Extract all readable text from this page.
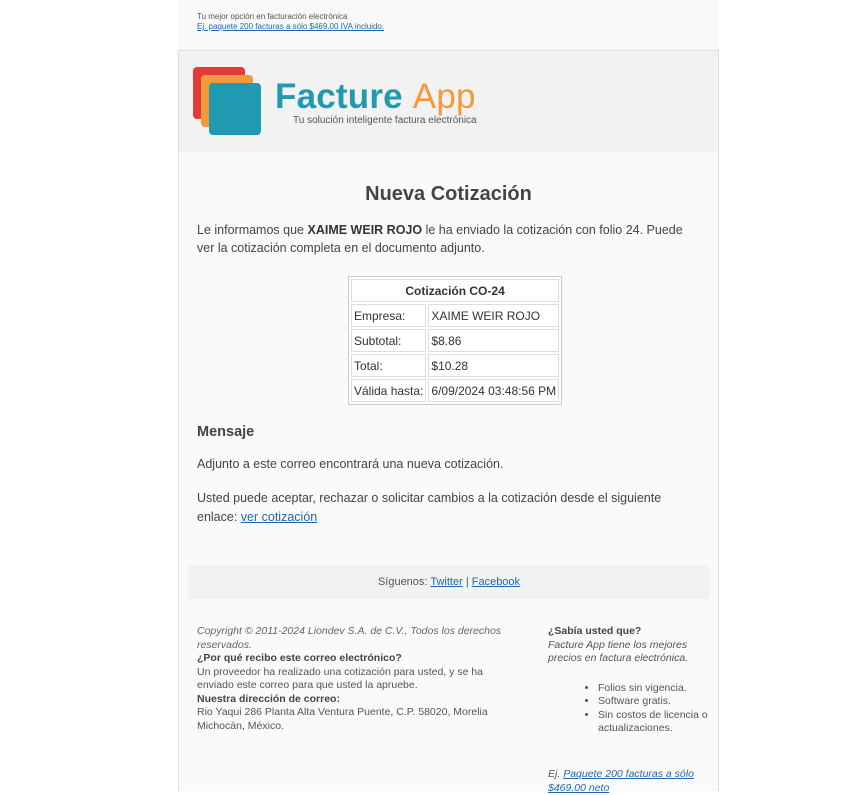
Tu mejor opción en facturación electrónica
Ej. paquete 200 facturas a sólo $469.00 IVA incluido.
Facture App
Tu solución inteligente factura electrónica
Nueva Cotización
Le informamos que XAIME WEIR ROJO le ha enviado la cotización con folio 24. Puede ver la cotización completa en el documento adjunto.
Cotización CO-24	
Empresa:	XAIME WEIR ROJO
Subtotal:	$8.86
Total:	$10.28
Válida hasta:	6/09/2024 03:48:56 PM
Mensaje
Adjunto a este correo encontrará una nueva cotización.
Usted puede aceptar, rechazar o solicitar cambios a la cotización desde el siguiente enlace: ver cotización
Síguenos: Twitter | Facebook
Copyright © 2011-2024 Liondev S.A. de C.V., Todos los derechos reservados.
¿Por qué recibo este correo electrónico?
Un proveedor ha realizado una cotización para usted, y se ha enviado este correo para que usted la apruebe.
Nuestra dirección de correo:
Rio Yaqui 286 Planta Alta Ventura Puente, C.P. 58020, Morelia Michocán, México.
¿Sabía usted que?
Facture App tiene los mejores precios en factura electrónica.
• Folios sin vigencia.
• Software gratis.
• Sin costos de licencia o actualizaciones.
Ej. Paquete 200 facturas a sólo $469.00 neto
